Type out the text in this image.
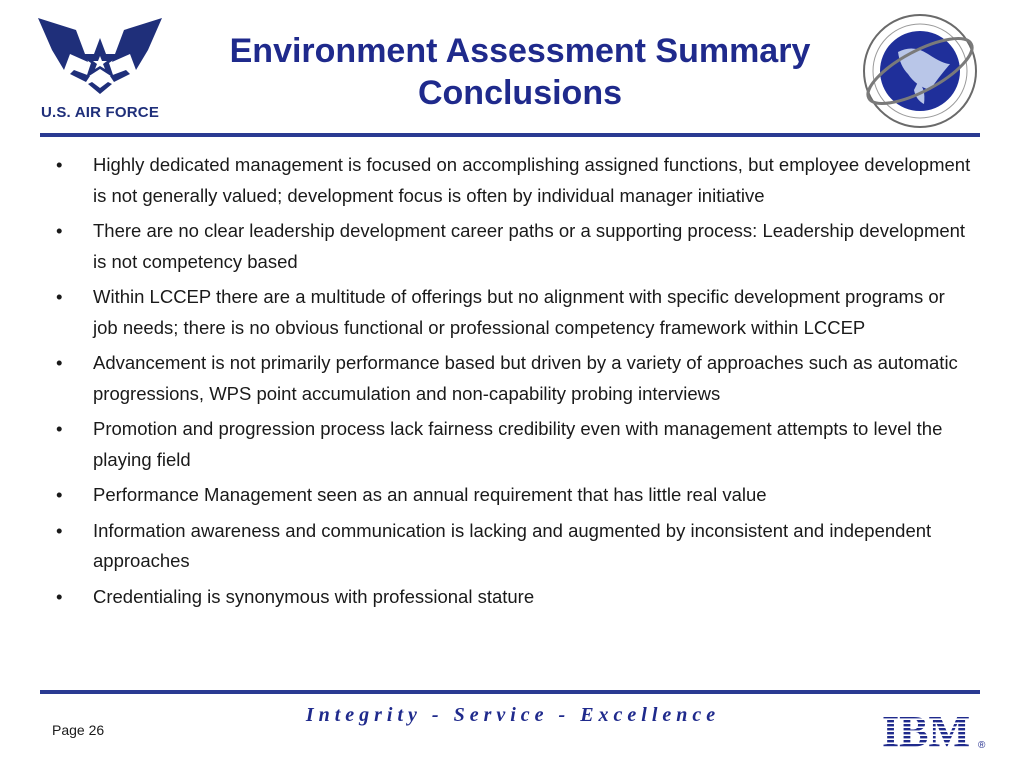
U.S. AIR FORCE
Environment Assessment Summary Conclusions
• Highly dedicated management is focused on accomplishing assigned functions, but employee development is not generally valued; development focus is often by individual manager initiative
• There are no clear leadership development career paths or a supporting process: Leadership development is not competency based
• Within LCCEP there are a multitude of offerings but no alignment with specific development programs or job needs; there is no obvious functional or professional competency framework within LCCEP
• Advancement is not primarily performance based but driven by a variety of approaches such as automatic progressions, WPS point accumulation and non-capability probing interviews
• Promotion and progression process lack fairness credibility even with management attempts to level the playing field
• Performance Management seen as an annual requirement that has little real value
• Information awareness and communication is lacking and augmented by inconsistent and independent approaches
• Credentialing is synonymous with professional stature
Page 26
Integrity - Service - Excellence	IBM ®
